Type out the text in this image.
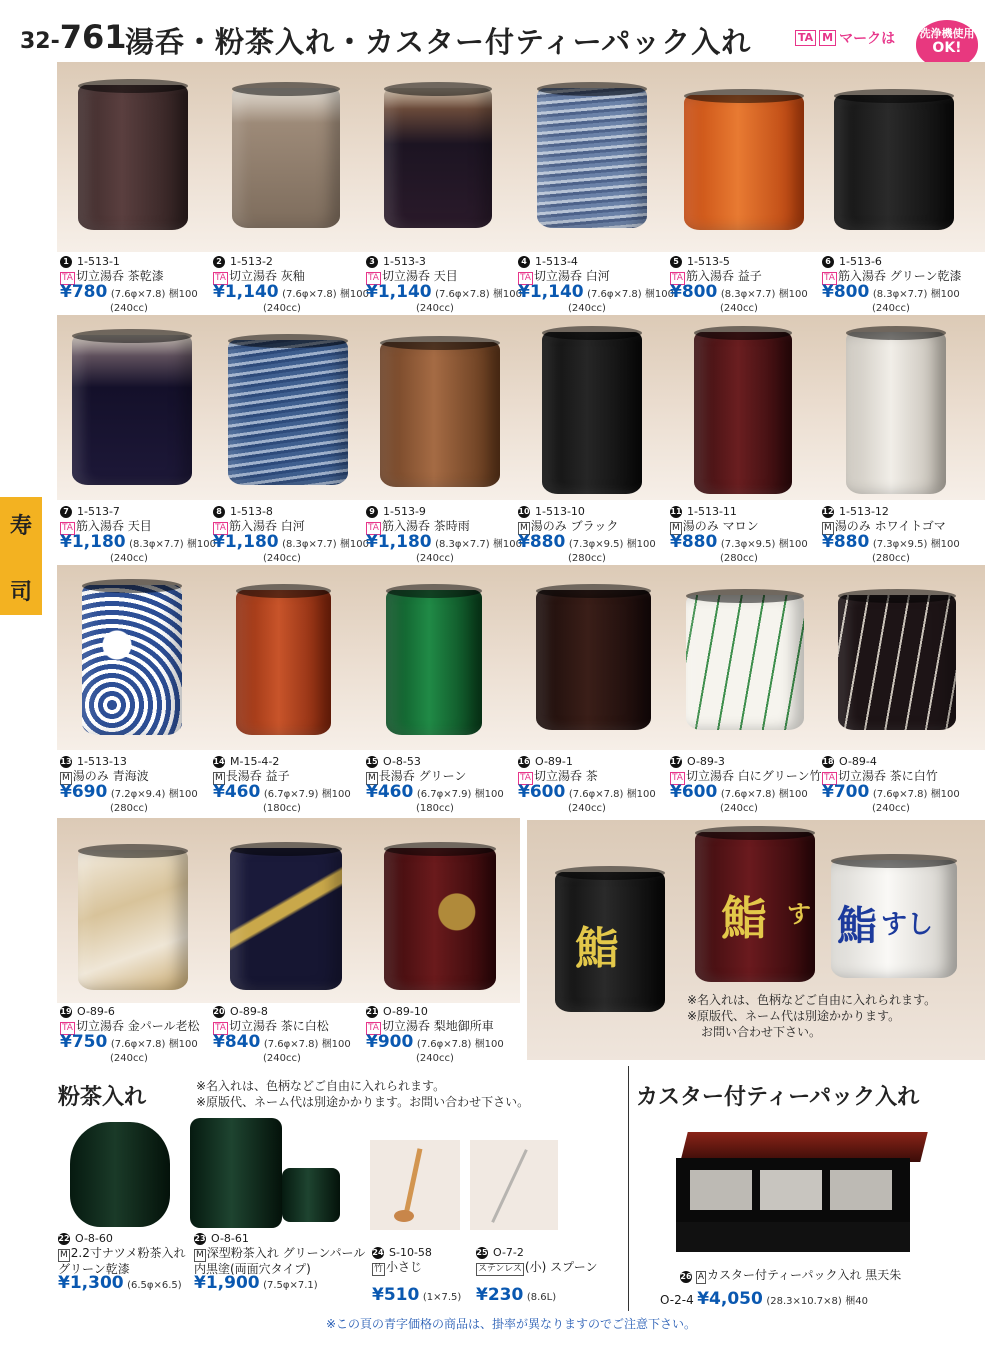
32-761
湯呑・粉茶入れ・カスター付ティーパック入れ	TA M マークは	洗浄機使用
OK!
寿
司
1 1-513-1
TA 切立湯呑 茶乾漆
¥780 (7.6φ×7.8) 梱100
(240cc)
2 1-513-2
TA 切立湯呑 灰釉
¥1,140 (7.6φ×7.8) 梱100
(240cc)
3 1-513-3
TA 切立湯呑 天目
¥1,140 (7.6φ×7.8) 梱100
(240cc)
4 1-513-4
TA 切立湯呑 白河
¥1,140 (7.6φ×7.8) 梱100
(240cc)
5 1-513-5
TA 筋入湯呑 益子
¥800 (8.3φ×7.7) 梱100
(240cc)
6 1-513-6
TA 筋入湯呑 グリーン乾漆
¥800 (8.3φ×7.7) 梱100
(240cc)
7 1-513-7
TA 筋入湯呑 天目
¥1,180 (8.3φ×7.7) 梱100
(240cc)
8 1-513-8
TA 筋入湯呑 白河
¥1,180 (8.3φ×7.7) 梱100
(240cc)
9 1-513-9
TA 筋入湯呑 茶時雨
¥1,180 (8.3φ×7.7) 梱100
(240cc)
10 1-513-10
M 湯のみ ブラック
¥880 (7.3φ×9.5) 梱100
(280cc)
11 1-513-11
M 湯のみ マロン
¥880 (7.3φ×9.5) 梱100
(280cc)
12 1-513-12
M 湯のみ ホワイトゴマ
¥880 (7.3φ×9.5) 梱100
(280cc)
13 1-513-13
M 湯のみ 青海波
¥690 (7.2φ×9.4) 梱100
(280cc)
14 M-15-4-2
M 長湯呑 益子
¥460 (6.7φ×7.9) 梱100
(180cc)
15 O-8-53
M 長湯呑 グリーン
¥460 (6.7φ×7.9) 梱100
(180cc)
16 O-89-1
TA 切立湯呑 茶
¥600 (7.6φ×7.8) 梱100
(240cc)
17 O-89-3
TA 切立湯呑 白にグリーン竹
¥600 (7.6φ×7.8) 梱100
(240cc)
18 O-89-4
TA 切立湯呑 茶に白竹
¥700 (7.6φ×7.8) 梱100
(240cc)
19 O-89-6
TA 切立湯呑 金パール老松
¥750 (7.6φ×7.8) 梱100
(240cc)
20 O-89-8
TA 切立湯呑 茶に白松
¥840 (7.6φ×7.8) 梱100
(240cc)
21 O-89-10
TA 切立湯呑 梨地御所車
¥900 (7.6φ×7.8) 梱100
(240cc)
鮨
鮨 す 鮨 すし
※名入れは、色柄などご自由に入れられます。
※原版代、ネーム代は別途かかります。
お問い合わせ下さい。
粉茶入れ	※名入れは、色柄などご自由に入れられます。
※原版代、ネーム代は別途かかります。お問い合わせ下さい。
22 O-8-60
M 2.2寸ナツメ粉茶入れ
グリーン乾漆
¥1,300 (6.5φ×6.5)
23 O-8-61
M 深型粉茶入れ グリーンパール
内黒塗(両面穴タイプ)
¥1,900 (7.5φ×7.1)
24 S-10-58
竹 小さじ
¥510 (1×7.5)
25 O-7-2
ステンレス (小) スプーン
¥230 (8.6L)
カスター付ティーパック入れ
26 A カスター付ティーパック入れ 黒天朱
O-2-4 ¥4,050 (28.3×10.7×8) 梱40
※この頁の青字価格の商品は、掛率が異なりますのでご注意下さい。
